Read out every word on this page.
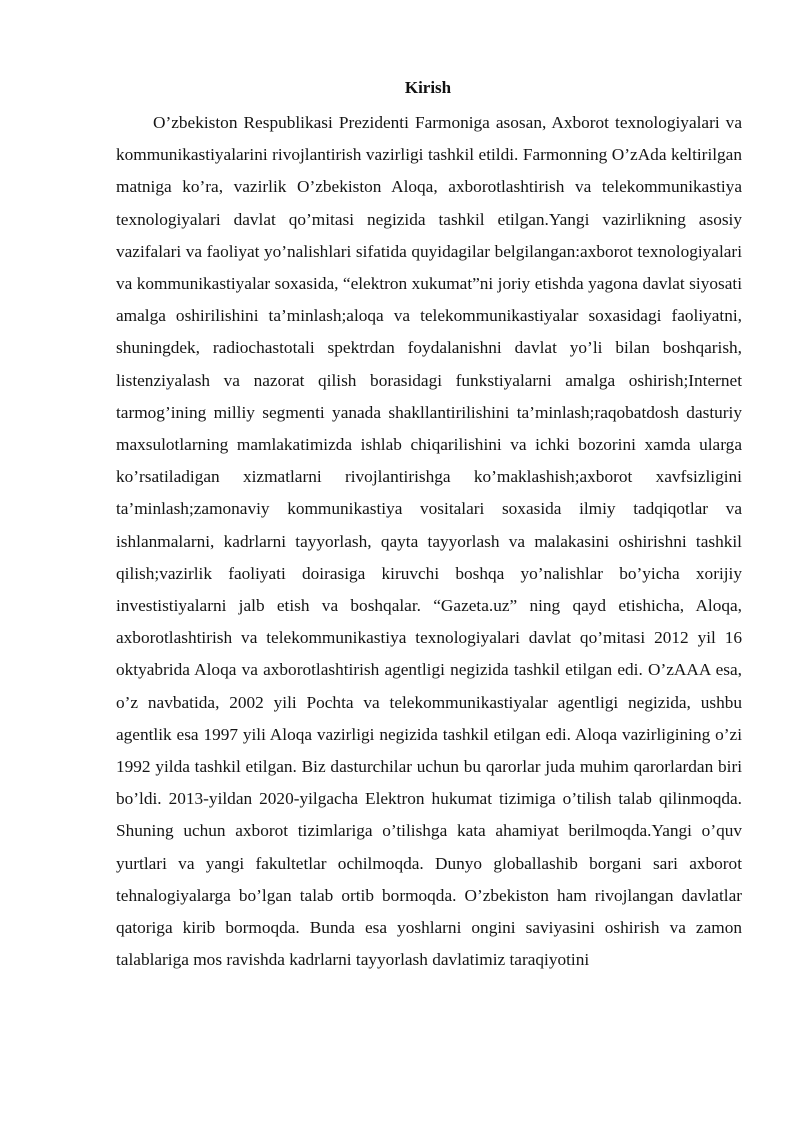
Kirish

O’zbekiston Respublikasi Prezidenti Farmoniga asosan, Axborot texnologiyalari va kommunikastiyalarini rivojlantirish vazirligi tashkil etildi. Farmonning O’zAda keltirilgan matniga ko’ra, vazirlik O’zbekiston Aloqa, axborotlashtirish va telekommunikastiya texnologiyalari davlat qo’mitasi negizida tashkil etilgan.Yangi vazirlikning asosiy vazifalari va faoliyat yo’nalishlari sifatida quyidagilar belgilangan:axborot texnologiyalari va kommunikastiyalar soxasida, “elektron xukumat”ni joriy etishda yagona davlat siyosati amalga oshirilishini ta’minlash;aloqa va telekommunikastiyalar soxasidagi faoliyatni, shuningdek, radiochastotali spektrdan foydalanishni davlat yo’li bilan boshqarish, listenziyalash va nazorat qilish borasidagi funkstiyalarni amalga oshirish;Internet tarmog’ining milliy segmenti yanada shakllantirilishini ta’minlash;raqobatdosh dasturiy maxsulotlarning mamlakatimizda ishlab chiqarilishini va ichki bozorini xamda ularga ko’rsatiladigan xizmatlarni rivojlantirishga ko’maklashish;axborot xavfsizligini ta’minlash;zamonaviy kommunikastiya vositalari soxasida ilmiy tadqiqotlar va ishlanmalarni, kadrlarni tayyorlash, qayta tayyorlash va malakasini oshirishni tashkil qilish;vazirlik faoliyati doirasiga kiruvchi boshqa yo’nalishlar bo’yicha xorijiy investistiyalarni jalb etish va boshqalar. “Gazeta.uz” ning qayd etishicha, Aloqa, axborotlashtirish va telekommunikastiya texnologiyalari davlat qo’mitasi 2012 yil 16 oktyabrida Aloqa va axborotlashtirish agentligi negizida tashkil etilgan edi. O’zAAA esa, o’z navbatida, 2002 yili Pochta va telekommunikastiyalar agentligi negizida, ushbu agentlik esa 1997 yili Aloqa vazirligi negizida tashkil etilgan edi. Aloqa vazirligining o’zi 1992 yilda tashkil etilgan. Biz dasturchilar uchun bu qarorlar juda muhim qarorlardan biri bo’ldi. 2013-yildan 2020-yilgacha Elektron hukumat tizimiga o’tilish talab qilinmoqda. Shuning uchun axborot tizimlariga o’tilishga kata ahamiyat berilmoqda.Yangi o’quv yurtlari va yangi fakultetlar ochilmoqda. Dunyo globallashib borgani sari axborot tehnalogiyalarga bo’lgan talab ortib bormoqda. O’zbekiston ham rivojlangan davlatlar qatoriga kirib bormoqda. Bunda esa yoshlarni ongini saviyasini oshirish va zamon talablariga mos ravishda kadrlarni tayyorlash davlatimiz taraqiyotini
